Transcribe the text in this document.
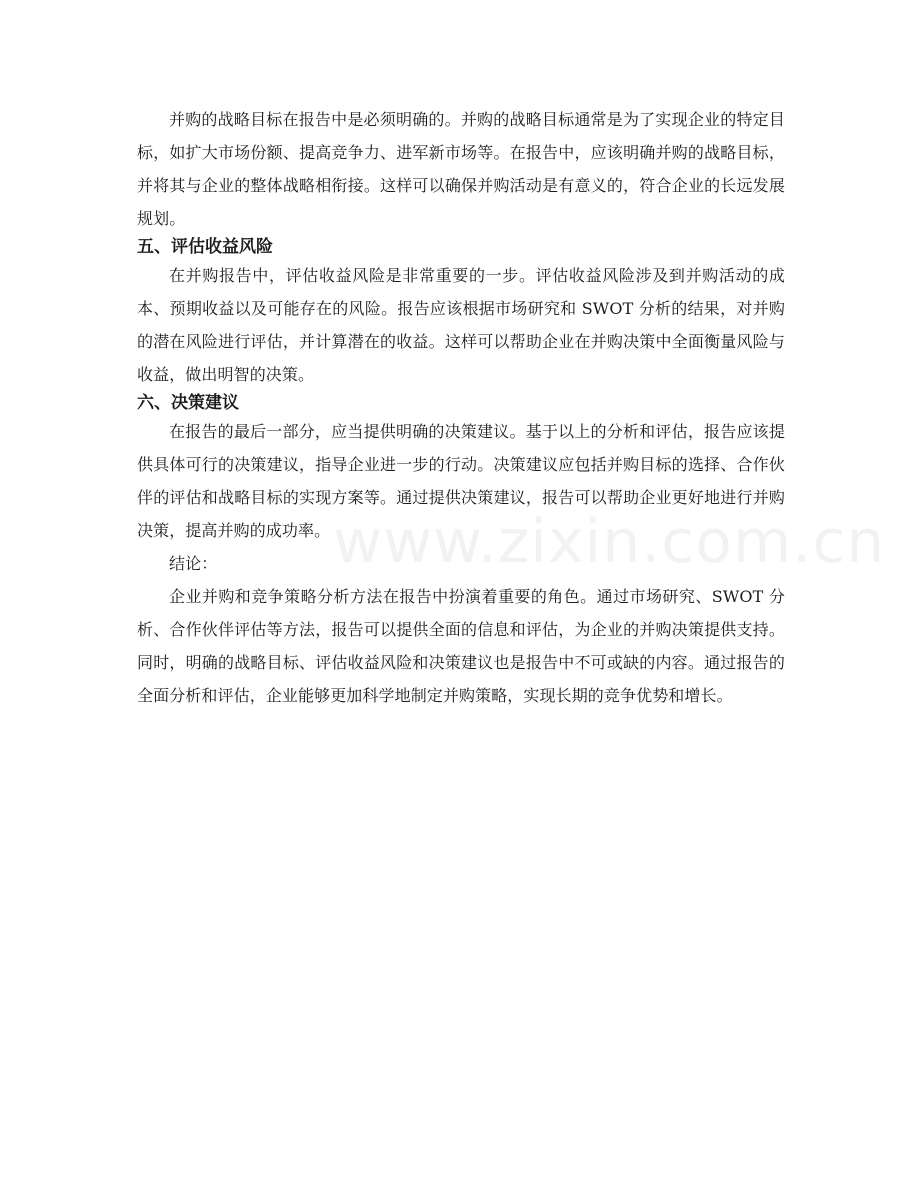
并购的战略目标在报告中是必须明确的。并购的战略目标通常是为了实现企业的特定目标，如扩大市场份额、提高竞争力、进军新市场等。在报告中，应该明确并购的战略目标，并将其与企业的整体战略相衔接。这样可以确保并购活动是有意义的，符合企业的长远发展规划。

五、评估收益风险

在并购报告中，评估收益风险是非常重要的一步。评估收益风险涉及到并购活动的成本、预期收益以及可能存在的风险。报告应该根据市场研究和 SWOT 分析的结果，对并购的潜在风险进行评估，并计算潜在的收益。这样可以帮助企业在并购决策中全面衡量风险与收益，做出明智的决策。

六、决策建议

在报告的最后一部分，应当提供明确的决策建议。基于以上的分析和评估，报告应该提供具体可行的决策建议，指导企业进一步的行动。决策建议应包括并购目标的选择、合作伙伴的评估和战略目标的实现方案等。通过提供决策建议，报告可以帮助企业更好地进行并购决策，提高并购的成功率。

结论：

企业并购和竞争策略分析方法在报告中扮演着重要的角色。通过市场研究、SWOT 分析、合作伙伴评估等方法，报告可以提供全面的信息和评估，为企业的并购决策提供支持。同时，明确的战略目标、评估收益风险和决策建议也是报告中不可或缺的内容。通过报告的全面分析和评估，企业能够更加科学地制定并购策略，实现长期的竞争优势和增长。

www.zixin.com.cn
